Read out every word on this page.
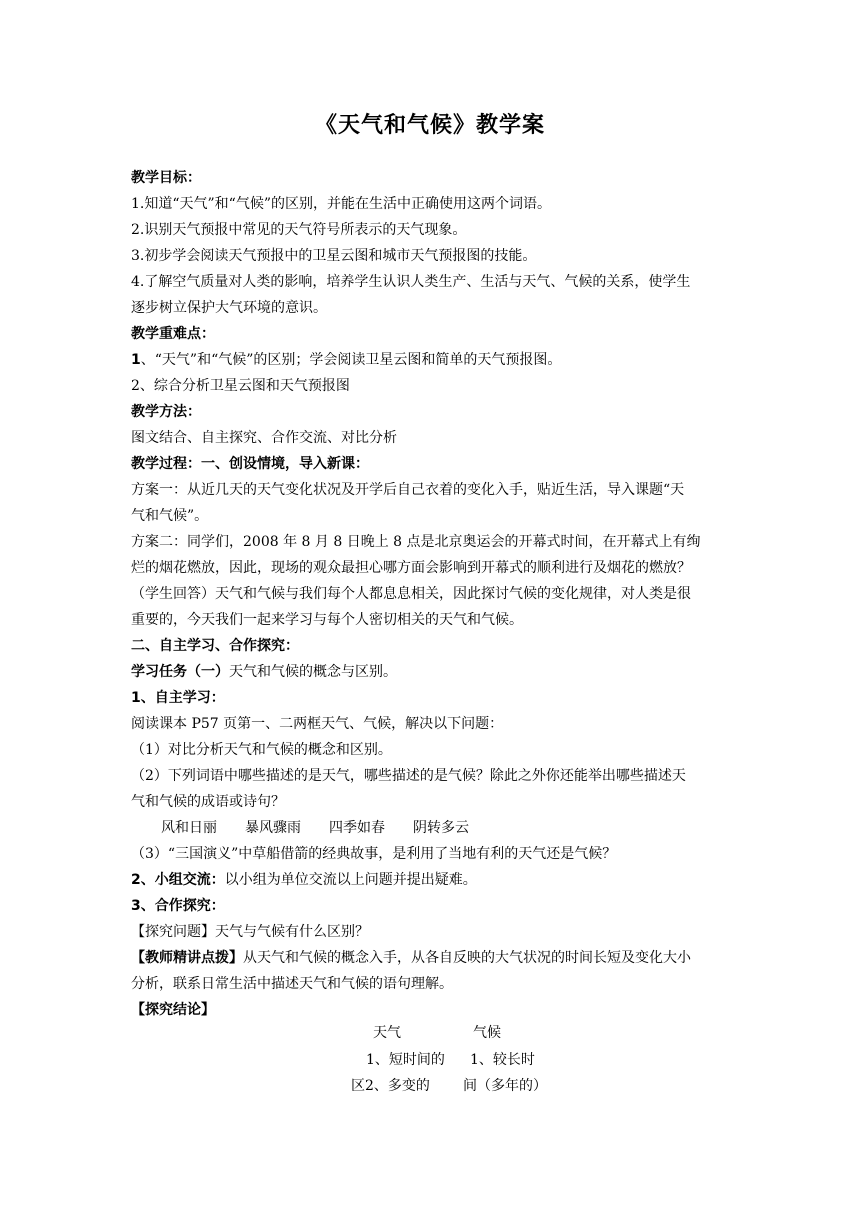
《天气和气候》教学案
教学目标：
1.知道“天气”和“气候”的区别，并能在生活中正确使用这两个词语。
2.识别天气预报中常见的天气符号所表示的天气现象。
3.初步学会阅读天气预报中的卫星云图和城市天气预报图的技能。
4.了解空气质量对人类的影响，培养学生认识人类生产、生活与天气、气候的关系，使学生
逐步树立保护大气环境的意识。
教学重难点：
1、“天气”和“气候”的区别；学会阅读卫星云图和简单的天气预报图。
2、综合分析卫星云图和天气预报图
教学方法：
图文结合、自主探究、合作交流、对比分析
教学过程：一、创设情境，导入新课：
方案一：从近几天的天气变化状况及开学后自己衣着的变化入手，贴近生活，导入课题“天
气和气候”。
方案二：同学们，2008 年 8 月 8 日晚上 8 点是北京奥运会的开幕式时间，在开幕式上有绚
烂的烟花燃放，因此，现场的观众最担心哪方面会影响到开幕式的顺利进行及烟花的燃放？
（学生回答）天气和气候与我们每个人都息息相关，因此探讨气候的变化规律，对人类是很
重要的，今天我们一起来学习与每个人密切相关的天气和气候。
二、自主学习、合作探究：
学习任务（一）天气和气候的概念与区别。
1、自主学习：
阅读课本 P57 页第一、二两框天气、气候，解决以下问题：
（1）对比分析天气和气候的概念和区别。
（2）下列词语中哪些描述的是天气，哪些描述的是气候？除此之外你还能举出哪些描述天
气和气候的成语或诗句？
风和日丽 暴风骤雨 四季如春 阴转多云
（3）“三国演义”中草船借箭的经典故事，是利用了当地有利的天气还是气候？
2、小组交流：以小组为单位交流以上问题并提出疑难。
3、合作探究：
【探究问题】天气与气候有什么区别？
【教师精讲点拨】从天气和气候的概念入手，从各自反映的大气状况的时间长短及变化大小
分析，联系日常生活中描述天气和气候的语句理解。
【探究结论】
天气	气候
1、短时间的 1、较长时
区2、多变的 间（多年的）
